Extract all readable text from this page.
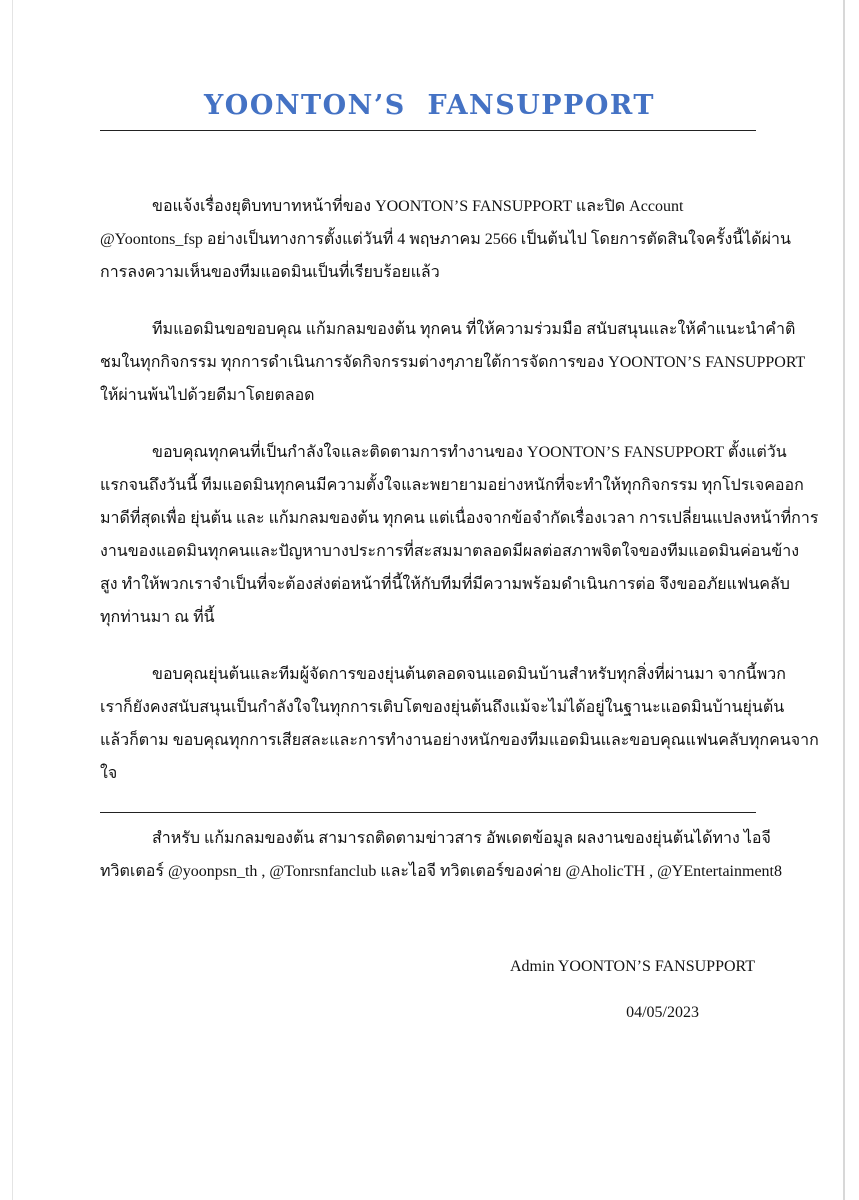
YOONTON’S  FANSUPPORT

ขอแจ้งเรื่องยุติบทบาทหน้าที่ของ YOONTON’S FANSUPPORT และปิด Account
@Yoontons_fsp อย่างเป็นทางการตั้งแต่วันที่ 4 พฤษภาคม 2566 เป็นต้นไป โดยการตัดสินใจครั้งนี้ได้ผ่าน
การลงความเห็นของทีมแอดมินเป็นที่เรียบร้อยแล้ว

ทีมแอดมินขอขอบคุณ แก้มกลมของต้น ทุกคน ที่ให้ความร่วมมือ สนับสนุนและให้คำแนะนำคำติ
ชมในทุกกิจกรรม ทุกการดำเนินการจัดกิจกรรมต่างๆภายใต้การจัดการของ YOONTON’S FANSUPPORT
ให้ผ่านพ้นไปด้วยดีมาโดยตลอด

ขอบคุณทุกคนที่เป็นกำลังใจและติดตามการทำงานของ YOONTON’S FANSUPPORT ตั้งแต่วัน
แรกจนถึงวันนี้ ทีมแอดมินทุกคนมีความตั้งใจและพยายามอย่างหนักที่จะทำให้ทุกกิจกรรม ทุกโปรเจคออก
มาดีที่สุดเพื่อ ยุ่นต้น และ แก้มกลมของต้น ทุกคน แต่เนื่องจากข้อจำกัดเรื่องเวลา การเปลี่ยนแปลงหน้าที่การ
งานของแอดมินทุกคนและปัญหาบางประการที่สะสมมาตลอดมีผลต่อสภาพจิตใจของทีมแอดมินค่อนข้าง
สูง ทำให้พวกเราจำเป็นที่จะต้องส่งต่อหน้าที่นี้ให้กับทีมที่มีความพร้อมดำเนินการต่อ จึงขออภัยแฟนคลับ
ทุกท่านมา ณ ที่นี้

ขอบคุณยุ่นต้นและทีมผู้จัดการของยุ่นต้นตลอดจนแอดมินบ้านสำหรับทุกสิ่งที่ผ่านมา จากนี้พวก
เราก็ยังคงสนับสนุนเป็นกำลังใจในทุกการเติบโตของยุ่นต้นถึงแม้จะไม่ได้อยู่ในฐานะแอดมินบ้านยุ่นต้น
แล้วก็ตาม ขอบคุณทุกการเสียสละและการทำงานอย่างหนักของทีมแอดมินและขอบคุณแฟนคลับทุกคนจาก
ใจ

สำหรับ แก้มกลมของต้น สามารถติดตามข่าวสาร อัพเดตข้อมูล ผลงานของยุ่นต้นได้ทาง ไอจี
ทวิตเตอร์ @yoonpsn_th , @Tonrsnfanclub และไอจี ทวิตเตอร์ของค่าย @AholicTH , @YEntertainment8
Admin YOONTON’S FANSUPPORT
04/05/2023
